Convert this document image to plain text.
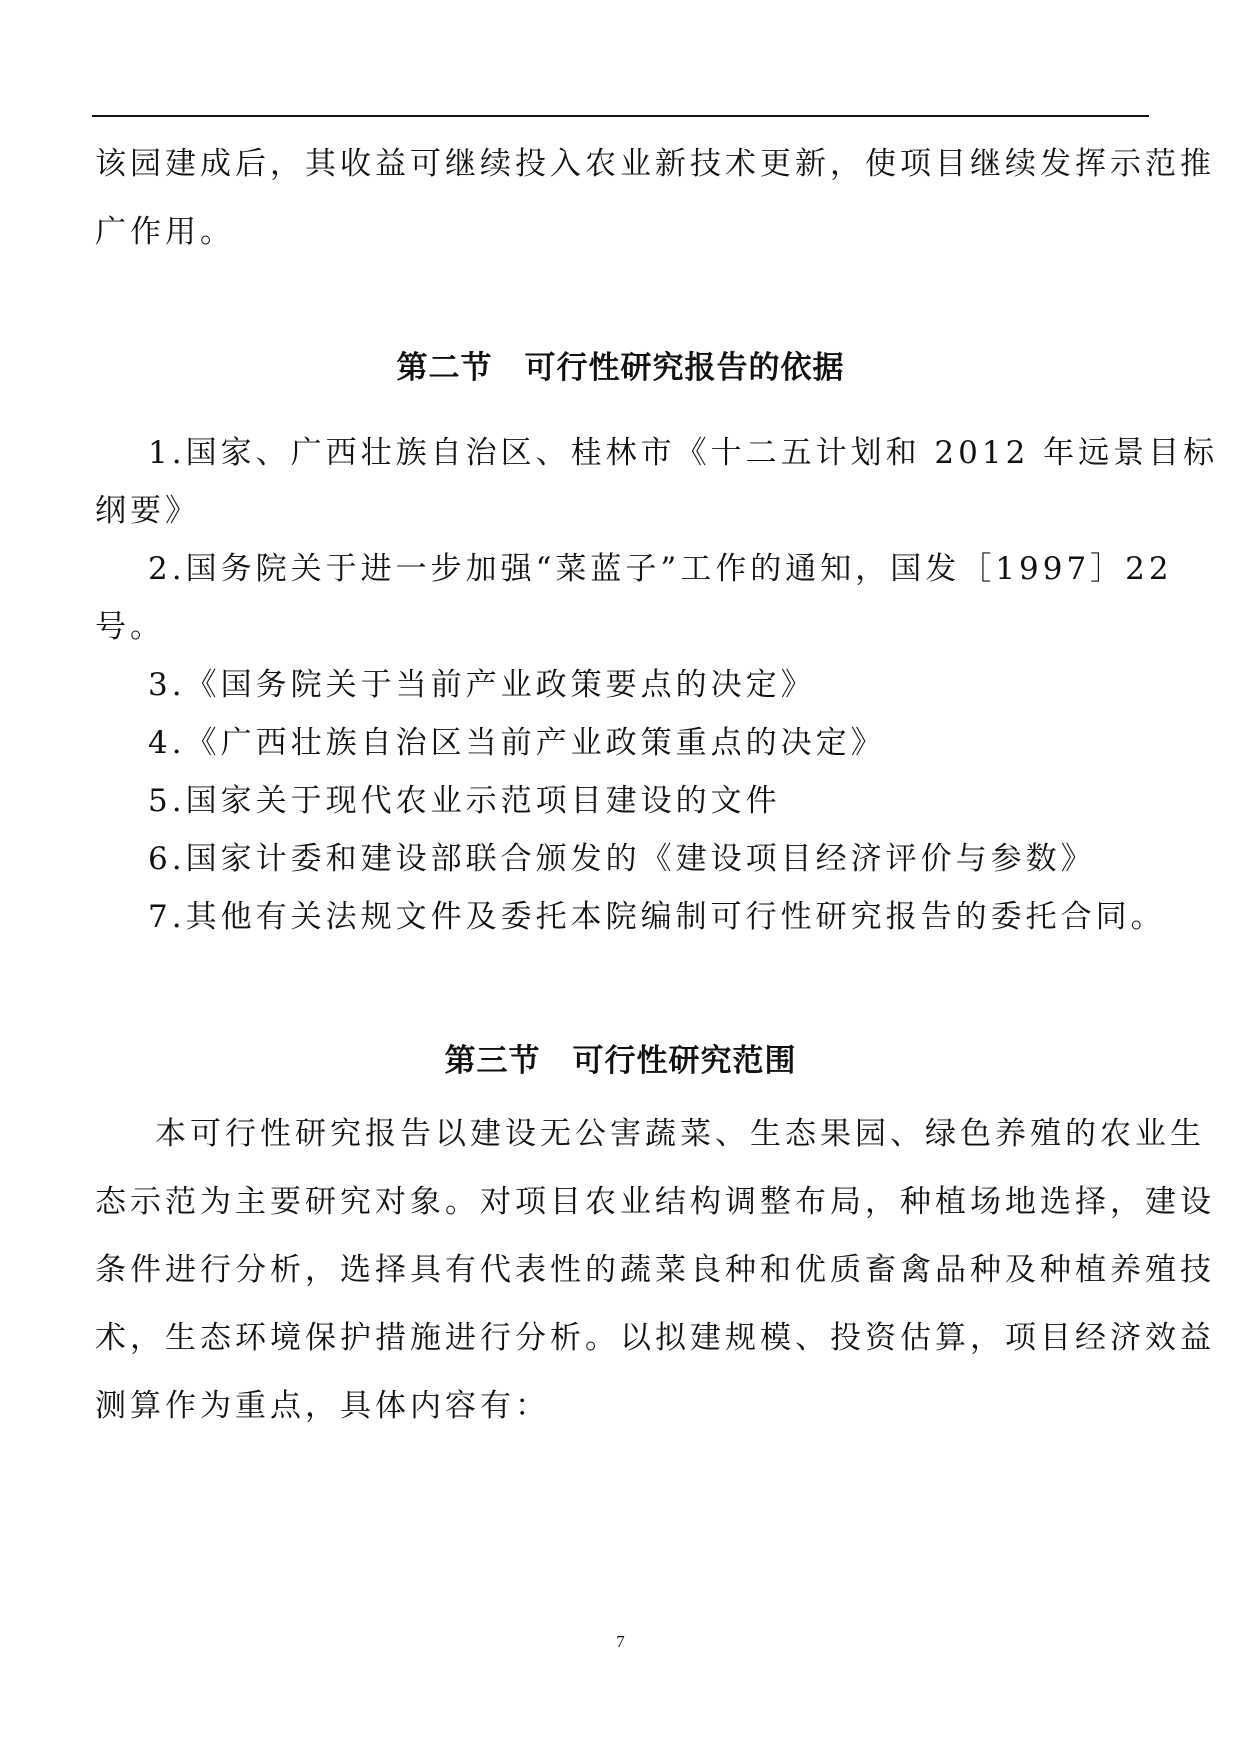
该园建成后，其收益可继续投入农业新技术更新，使项目继续发挥示范推
广作用。
第二节　可行性研究报告的依据
1.国家、广西壮族自治区、桂林市《十二五计划和 2012 年远景目标
纲要》
2.国务院关于进一步加强“菜蓝子”工作的通知，国发［1997］22
号。
3.《国务院关于当前产业政策要点的决定》
4.《广西壮族自治区当前产业政策重点的决定》
5.国家关于现代农业示范项目建设的文件
6.国家计委和建设部联合颁发的《建设项目经济评价与参数》
7.其他有关法规文件及委托本院编制可行性研究报告的委托合同。
第三节　可行性研究范围
本可行性研究报告以建设无公害蔬菜、生态果园、绿色养殖的农业生
态示范为主要研究对象。对项目农业结构调整布局，种植场地选择，建设
条件进行分析，选择具有代表性的蔬菜良种和优质畜禽品种及种植养殖技
术，生态环境保护措施进行分析。以拟建规模、投资估算，项目经济效益
测算作为重点，具体内容有：
7
